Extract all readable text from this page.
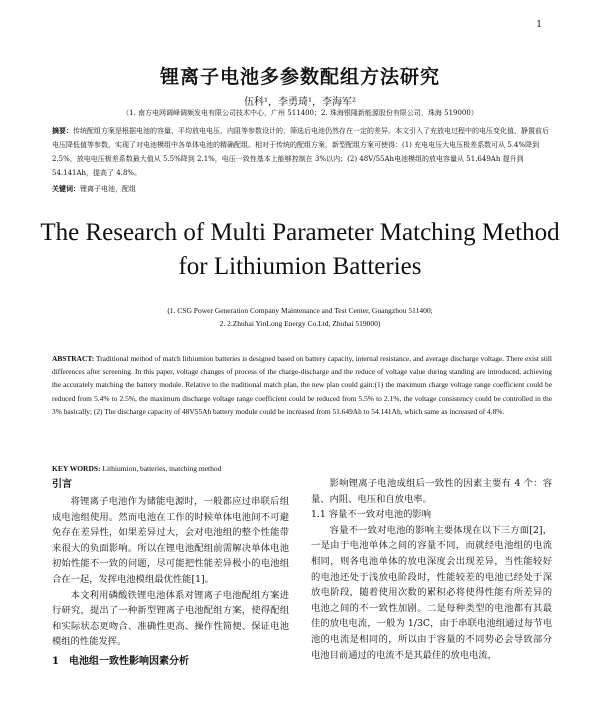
1
锂离子电池多参数配组方法研究
伍科¹，李勇琦¹，李海军²
（1. 南方电网调峰调频发电有限公司技术中心，广州 511400；2. 珠海银隆新能源股份有限公司，珠海 519000）

摘要：传统配组方案是根据电池的容量、平均放电电压、内阻等参数设计的，筛选后电池仍然存在一定的差异。本文引入了充放电过程中的电压变化值、静置前后电压降低值等参数，实现了对电池模组中各单体电池的精确配组。相对于传统的配组方案，新型配组方案可使得：(1) 充电电压大电压极差系数可从 5.4%降到 2.5%，放电电压极差系数最大值从 5.5%降到 2.1%，电压一致性基本上能够控制在 3%以内；(2) 48V/55Ah电池模组的放电容量从 51.649Ah 提升到 54.141Ah，提高了 4.8%。

关键词：锂离子电池，配组

The Research of Multi Parameter Matching Method
for Lithiumion Batteries
(1. CSG Power Generation Company Maintenance and Test Center, Guangzhou 511400;
2. 2.Zhuhai YinLong Energy Co.Ltd, Zhuhai 519000)

ABSTRACT: Traditional method of match lithiumion batteries is designed based on battery capacity, internal resistance, and average discharge voltage. There exist still differences after screening. In this paper, voltage changes of process of the charge-discharge and the reduce of voltage value during standing are introduced, achieving the accurately matching the battery module. Relative to the traditional match plan, the new plan could gain:(1) the maximum charge voltage range coefficient could be reduced from 5.4% to 2.5%, the maximum discharge voltage range coefficient could be reduced from 5.5% to 2.1%, the voltage consistency could be controlled in the 3% basically; (2) The discharge capacity of 48V55Ah battery module could be increased from 51.649Ah to 54.141Ah, which same as increased of 4.8%.

KEY WORDS: Lithiumion, batteries, matching method

引言

将锂离子电池作为储能电源时，一般都应过串联后组成电池组使用。然而电池在工作的时候单体电池间不可避免存在差异性，如果差异过大，会对电池组的整个性能带来很大的负面影响。所以在锂电池配组前需解决单体电池初始性能不一致的问题，尽可能把性能差异极小的电池组合在一起，发挥电池模组最优性能[1]。

本文利用磷酸铁锂电池体系对锂离子电池配组方案进行研究，提出了一种新型锂离子电池配组方案，使得配组和实际状态更吻合、准确性更高、操作性简便、保证电池模组的性能发挥。

1　电池组一致性影响因素分析

影响锂离子电池成组后一致性的因素主要有 4 个：容量、内阻、电压和自放电率。

1.1 容量不一致对电池的影响

容量不一致对电池的影响主要体现在以下三方面[2]，一是由于电池单体之间的容量不同，而就经电池组的电流相同，则各电池单体的放电深度会出现差异，当性能较好的电池还处于浅放电阶段时，性能较差的电池已经处于深放电阶段，随着使用次数的累积必将使得性能有所差异的电池之间的不一致性加剧。二是每种类型的电池都有其最佳的放电电流，一般为 1/3C，由于串联电池组通过每节电池的电流是相同的，所以由于容量的不同势必会导致部分电池目前通过的电流不是其最佳的放电电流，
